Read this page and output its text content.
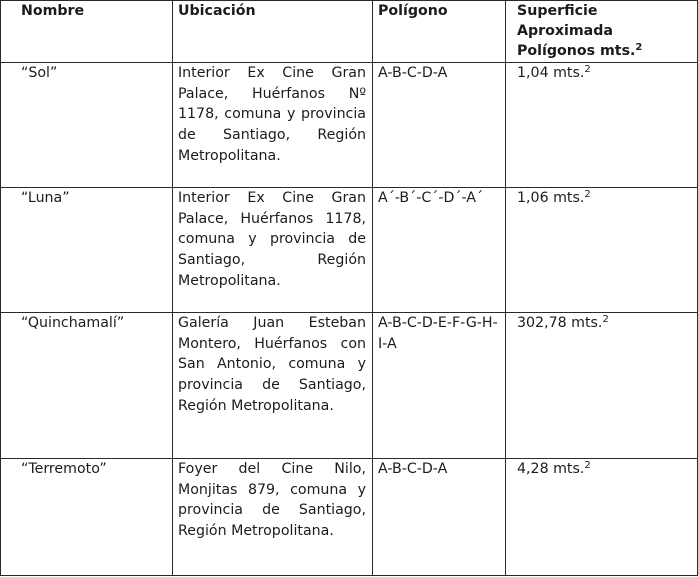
Nombre	Ubicación	Polígono	Superficie Aproximada Polígonos mts.$^2$
“Sol”	Interior Ex Cine Gran Palace, Huérfanos Nº 1178, comuna y provincia de Santiago, Región Metropolitana.	A-B-C-D-A	1,04 mts.$^2$
“Luna”	Interior Ex Cine Gran Palace, Huérfanos 1178, comuna y provincia de Santiago, Región Metropolitana.	A´-B´-C´-D´-A´	1,06 mts.$^2$
“Quinchamalí”	Galería Juan Esteban Montero, Huérfanos con San Antonio, comuna y provincia de Santiago, Región Metropolitana.	A-B-C-D-E-F-G-H-I-A	302,78 mts.$^2$
“Terremoto”	Foyer del Cine Nilo, Monjitas 879, comuna y provincia de Santiago, Región Metropolitana.	A-B-C-D-A	4,28 mts.$^2$
